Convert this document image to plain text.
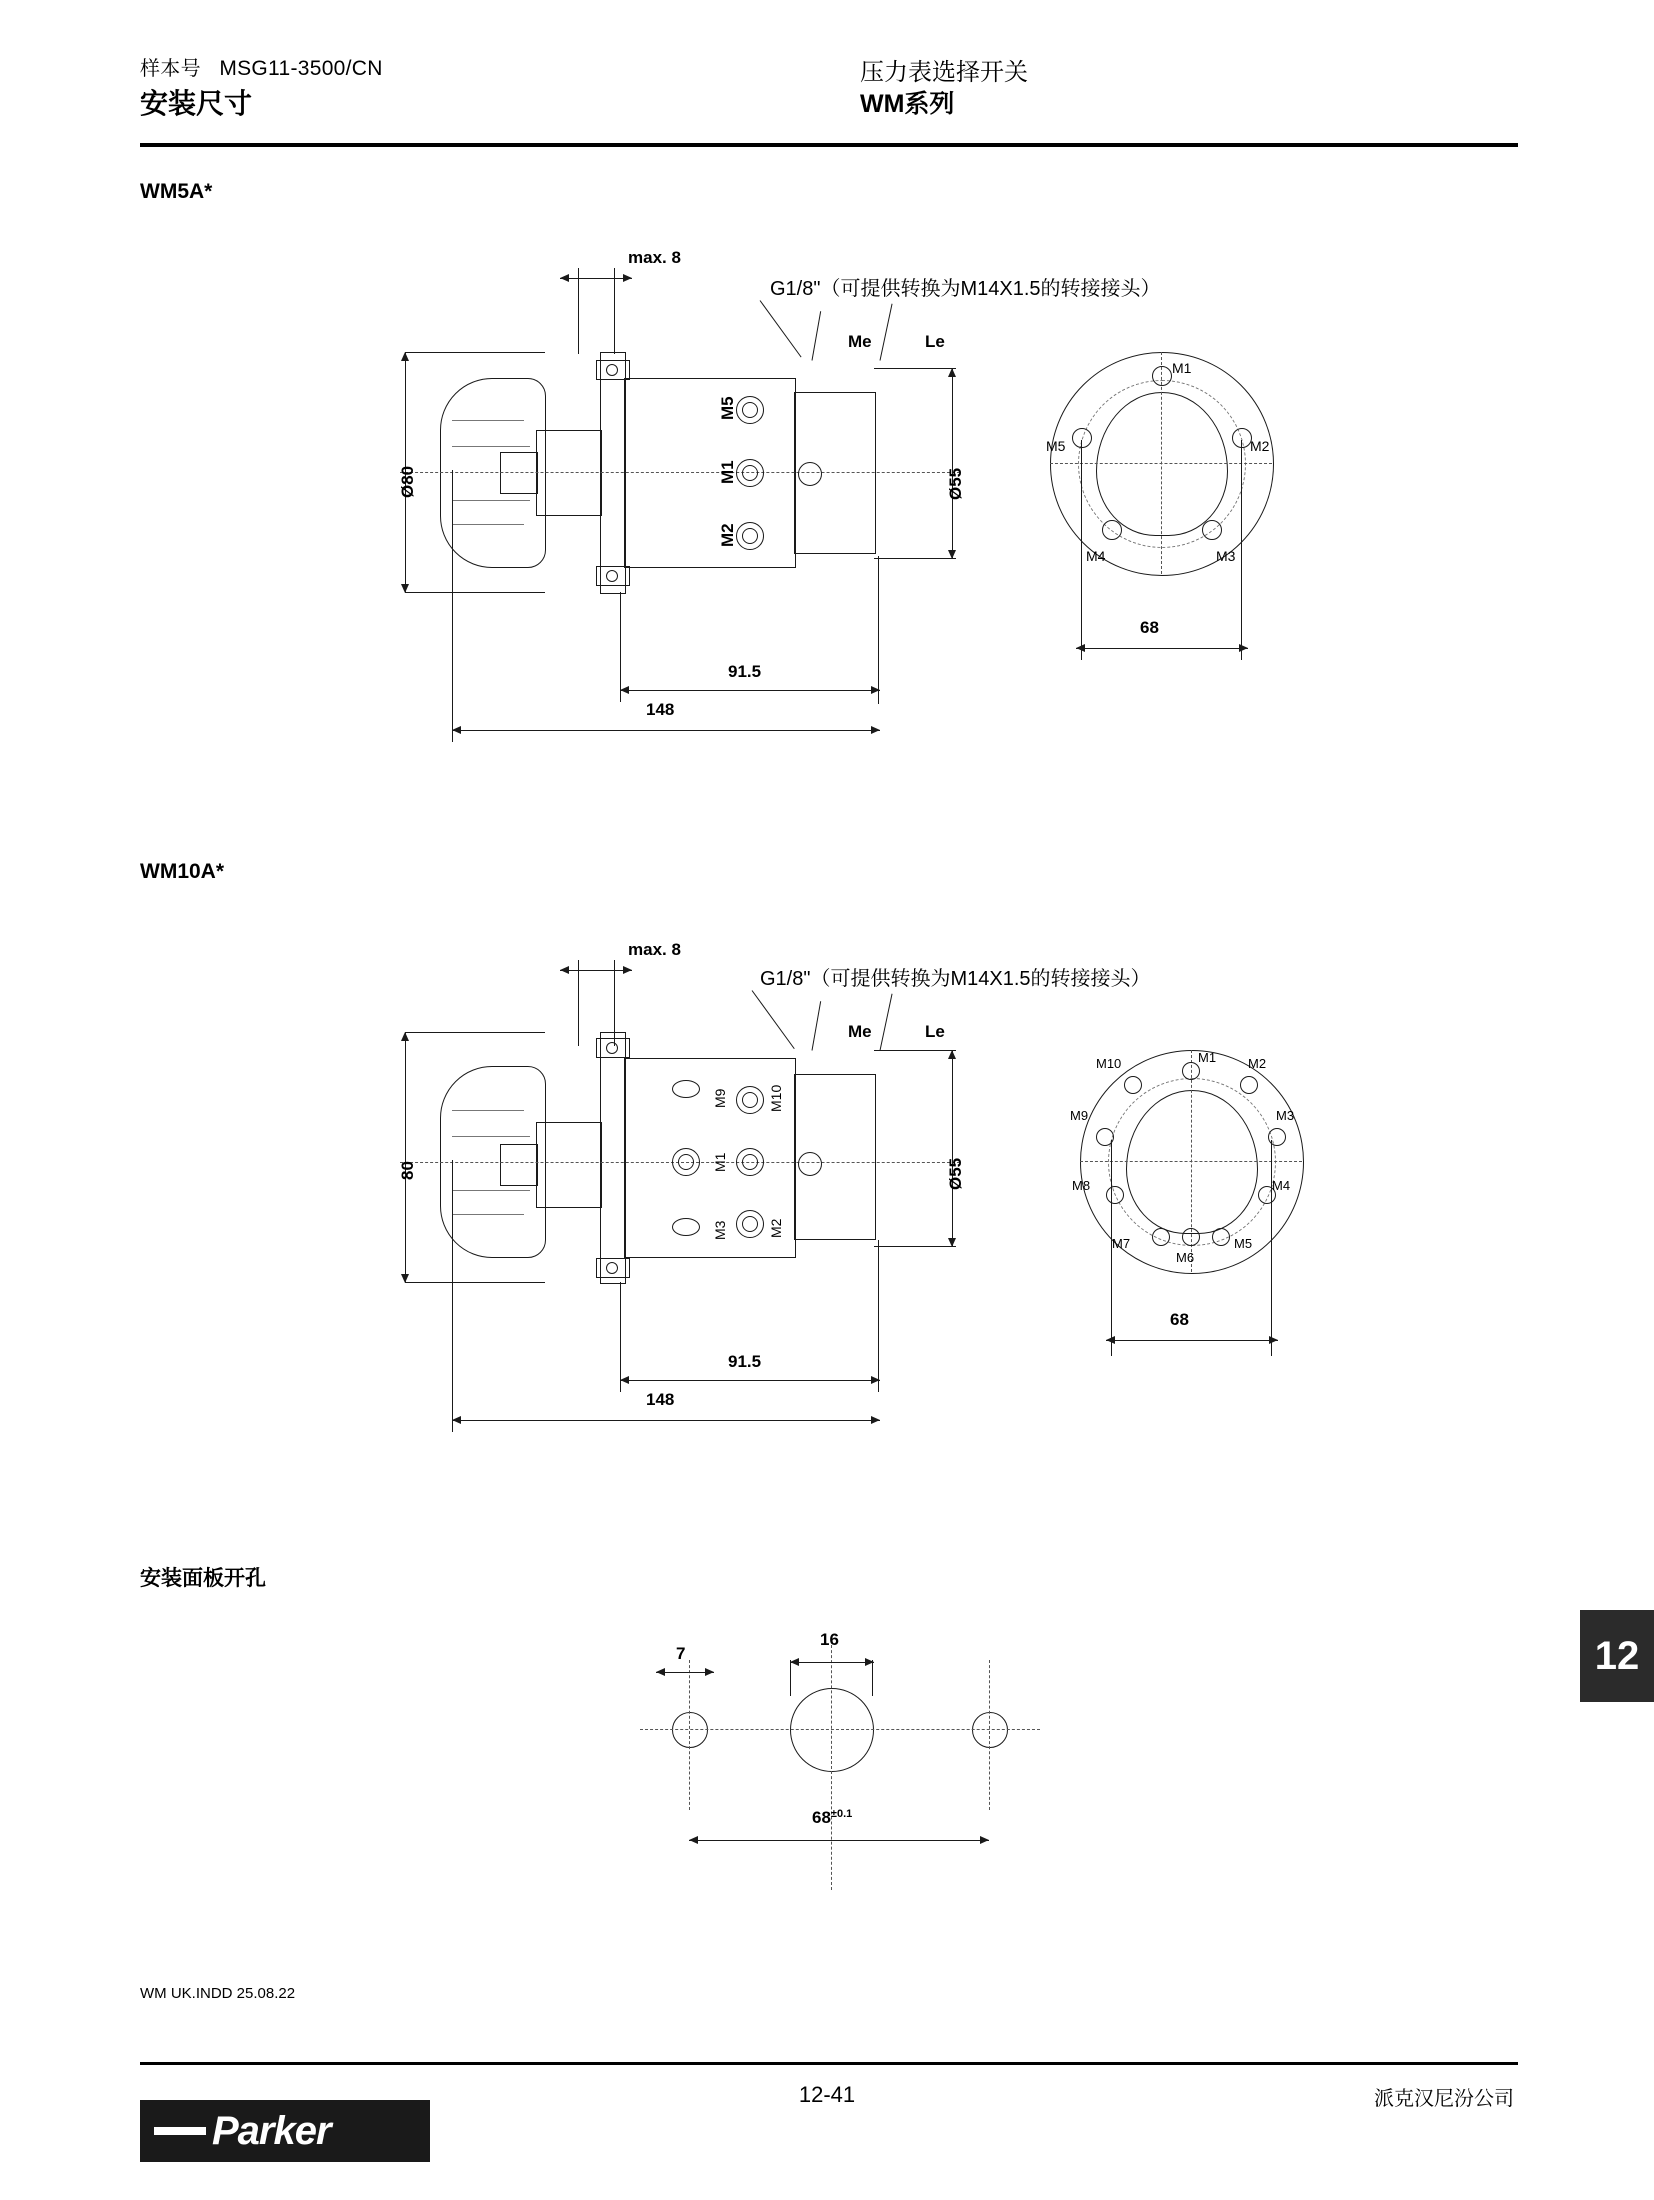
样本号 MSG11-3500/CN
安装尺寸
压力表选择开关
WM系列
WM5A*
max. 8
G1/8"（可提供转换为M14X1.5的转接接头）
Me	Le
M5
M1
M2
Ø80	Ø55
91.5
148
M1
M2
M3
M4
M5
68
WM10A*
max. 8
G1/8"（可提供转换为M14X1.5的转接接头）
Me	Le
M9	M10
M1
M2
M3
80	Ø55
91.5
148
M1 M2
M3
M4
M5
M6
M7
M8
M9
M10
68
安装面板开孔
7
16
$68^{\pm 0.1}$
12
WM UK.INDD 25.08.22
12-41	派克汉尼汾公司
Parker
